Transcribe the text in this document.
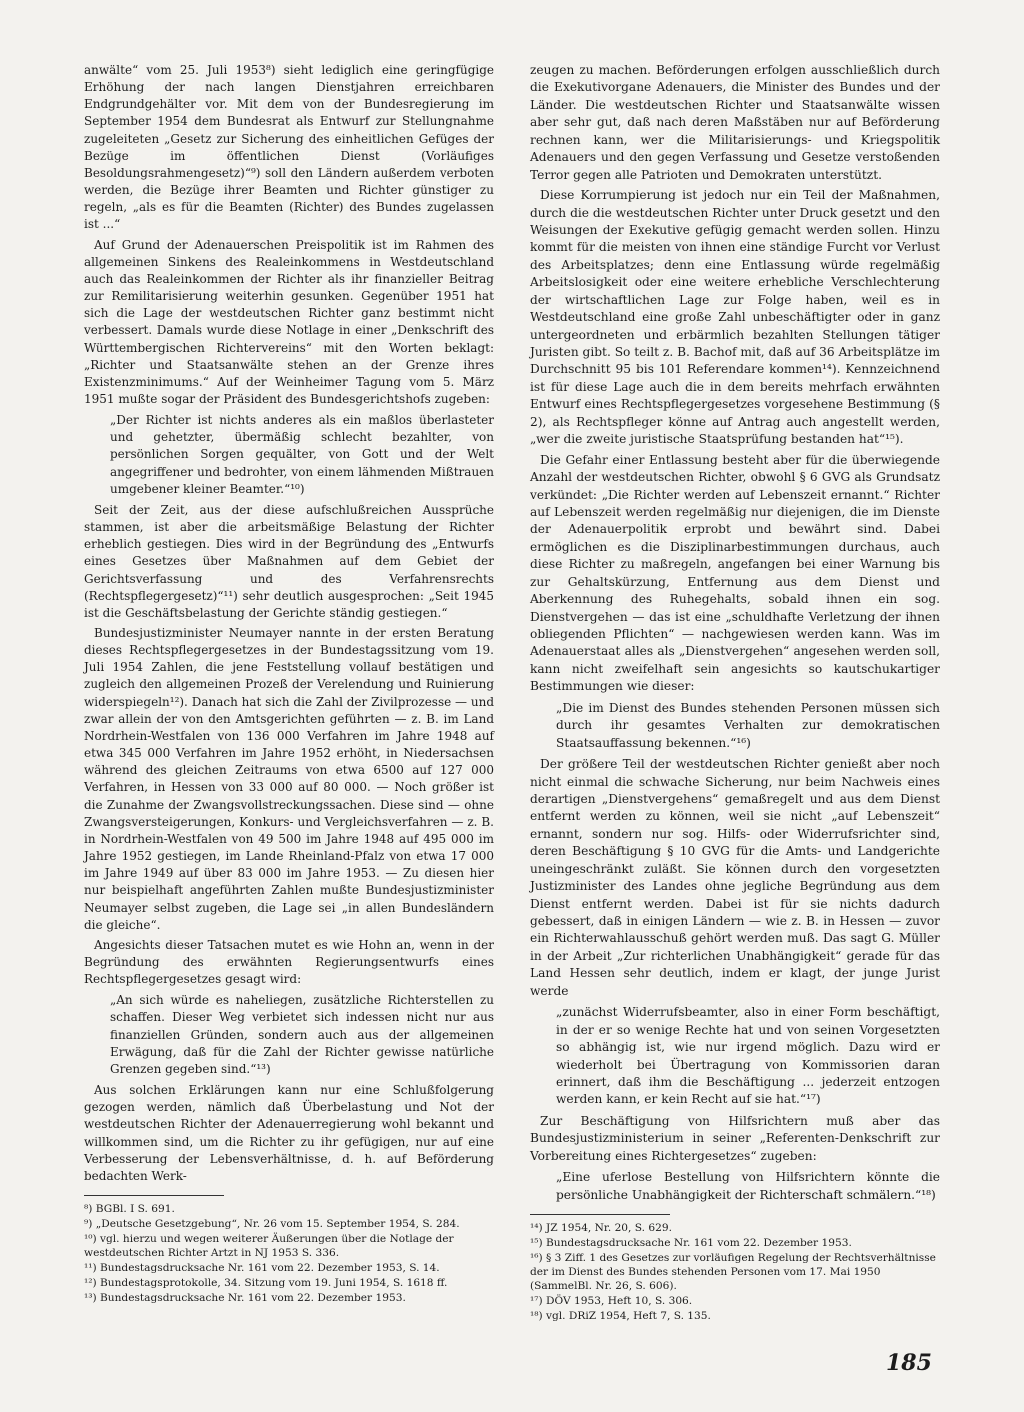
anwälte“ vom 25. Juli 1953⁸) sieht lediglich eine geringfügige Erhöhung der nach langen Dienstjahren erreichbaren Endgrundgehälter vor. Mit dem von der Bundesregierung im September 1954 dem Bundesrat als Entwurf zur Stellungnahme zugeleiteten „Gesetz zur Sicherung des einheitlichen Gefüges der Bezüge im öffentlichen Dienst (Vorläufiges Besoldungsrahmengesetz)“⁹) soll den Ländern außerdem verboten werden, die Bezüge ihrer Beamten und Richter günstiger zu regeln, „als es für die Beamten (Richter) des Bundes zugelassen ist ...“

Auf Grund der Adenauerschen Preispolitik ist im Rahmen des allgemeinen Sinkens des Realeinkommens in Westdeutschland auch das Realeinkommen der Richter als ihr finanzieller Beitrag zur Remilitarisierung weiterhin gesunken. Gegenüber 1951 hat sich die Lage der westdeutschen Richter ganz bestimmt nicht verbessert. Damals wurde diese Notlage in einer „Denkschrift des Württembergischen Richtervereins“ mit den Worten beklagt: „Richter und Staatsanwälte stehen an der Grenze ihres Existenzminimums.“ Auf der Weinheimer Tagung vom 5. März 1951 mußte sogar der Präsident des Bundesgerichtshofs zugeben:

„Der Richter ist nichts anderes als ein maßlos überlasteter und gehetzter, übermäßig schlecht bezahlter, von persönlichen Sorgen gequälter, von Gott und der Welt angegriffener und bedrohter, von einem lähmenden Mißtrauen umgebener kleiner Beamter.“¹⁰)

Seit der Zeit, aus der diese aufschlußreichen Aussprüche stammen, ist aber die arbeitsmäßige Belastung der Richter erheblich gestiegen. Dies wird in der Begründung des „Entwurfs eines Gesetzes über Maßnahmen auf dem Gebiet der Gerichtsverfassung und des Verfahrensrechts (Rechtspflegergesetz)“¹¹) sehr deutlich ausgesprochen: „Seit 1945 ist die Geschäftsbelastung der Gerichte ständig gestiegen.“

Bundesjustizminister Neumayer nannte in der ersten Beratung dieses Rechtspflegergesetzes in der Bundestagssitzung vom 19. Juli 1954 Zahlen, die jene Feststellung vollauf bestätigen und zugleich den allgemeinen Prozeß der Verelendung und Ruinierung widerspiegeln¹²). Danach hat sich die Zahl der Zivilprozesse — und zwar allein der von den Amtsgerichten geführten — z. B. im Land Nordrhein-Westfalen von 136 000 Verfahren im Jahre 1948 auf etwa 345 000 Verfahren im Jahre 1952 erhöht, in Niedersachsen während des gleichen Zeitraums von etwa 6500 auf 127 000 Verfahren, in Hessen von 33 000 auf 80 000. — Noch größer ist die Zunahme der Zwangsvollstreckungssachen. Diese sind — ohne Zwangsversteigerungen, Konkurs- und Vergleichsverfahren — z. B. in Nordrhein-Westfalen von 49 500 im Jahre 1948 auf 495 000 im Jahre 1952 gestiegen, im Lande Rheinland-Pfalz von etwa 17 000 im Jahre 1949 auf über 83 000 im Jahre 1953. — Zu diesen hier nur beispielhaft angeführten Zahlen mußte Bundesjustizminister Neumayer selbst zugeben, die Lage sei „in allen Bundesländern die gleiche“.

Angesichts dieser Tatsachen mutet es wie Hohn an, wenn in der Begründung des erwähnten Regierungsentwurfs eines Rechtspflegergesetzes gesagt wird:

„An sich würde es naheliegen, zusätzliche Richterstellen zu schaffen. Dieser Weg verbietet sich indessen nicht nur aus finanziellen Gründen, sondern auch aus der allgemeinen Erwägung, daß für die Zahl der Richter gewisse natürliche Grenzen gegeben sind.“¹³)

Aus solchen Erklärungen kann nur eine Schlußfolgerung gezogen werden, nämlich daß Überbelastung und Not der westdeutschen Richter der Adenauerregierung wohl bekannt und willkommen sind, um die Richter zu ihr gefügigen, nur auf eine Verbesserung der Lebensverhältnisse, d. h. auf Beförderung bedachten Werk-

⁸) BGBl. I S. 691.

⁹) „Deutsche Gesetzgebung“, Nr. 26 vom 15. September 1954, S. 284.

¹⁰) vgl. hierzu und wegen weiterer Äußerungen über die Notlage der westdeutschen Richter Artzt in NJ 1953 S. 336.

¹¹) Bundestagsdrucksache Nr. 161 vom 22. Dezember 1953, S. 14.

¹²) Bundestagsprotokolle, 34. Sitzung vom 19. Juni 1954, S. 1618 ff.

¹³) Bundestagsdrucksache Nr. 161 vom 22. Dezember 1953.

zeugen zu machen. Beförderungen erfolgen ausschließlich durch die Exekutivorgane Adenauers, die Minister des Bundes und der Länder. Die westdeutschen Richter und Staatsanwälte wissen aber sehr gut, daß nach deren Maßstäben nur auf Beförderung rechnen kann, wer die Militarisierungs- und Kriegspolitik Adenauers und den gegen Verfassung und Gesetze verstoßenden Terror gegen alle Patrioten und Demokraten unterstützt.

Diese Korrumpierung ist jedoch nur ein Teil der Maßnahmen, durch die die westdeutschen Richter unter Druck gesetzt und den Weisungen der Exekutive gefügig gemacht werden sollen. Hinzu kommt für die meisten von ihnen eine ständige Furcht vor Verlust des Arbeitsplatzes; denn eine Entlassung würde regelmäßig Arbeitslosigkeit oder eine weitere erhebliche Verschlechterung der wirtschaftlichen Lage zur Folge haben, weil es in Westdeutschland eine große Zahl unbeschäftigter oder in ganz untergeordneten und erbärmlich bezahlten Stellungen tätiger Juristen gibt. So teilt z. B. Bachof mit, daß auf 36 Arbeitsplätze im Durchschnitt 95 bis 101 Referendare kommen¹⁴). Kennzeichnend ist für diese Lage auch die in dem bereits mehrfach erwähnten Entwurf eines Rechtspflegergesetzes vorgesehene Bestimmung (§ 2), als Rechtspfleger könne auf Antrag auch angestellt werden, „wer die zweite juristische Staatsprüfung bestanden hat“¹⁵).

Die Gefahr einer Entlassung besteht aber für die überwiegende Anzahl der westdeutschen Richter, obwohl § 6 GVG als Grundsatz verkündet: „Die Richter werden auf Lebenszeit ernannt.“ Richter auf Lebenszeit werden regelmäßig nur diejenigen, die im Dienste der Adenauerpolitik erprobt und bewährt sind. Dabei ermöglichen es die Disziplinarbestimmungen durchaus, auch diese Richter zu maßregeln, angefangen bei einer Warnung bis zur Gehaltskürzung, Entfernung aus dem Dienst und Aberkennung des Ruhegehalts, sobald ihnen ein sog. Dienstvergehen — das ist eine „schuldhafte Verletzung der ihnen obliegenden Pflichten“ — nachgewiesen werden kann. Was im Adenauerstaat alles als „Dienstvergehen“ angesehen werden soll, kann nicht zweifelhaft sein angesichts so kautschukartiger Bestimmungen wie dieser:

„Die im Dienst des Bundes stehenden Personen müssen sich durch ihr gesamtes Verhalten zur demokratischen Staatsauffassung bekennen.“¹⁶)

Der größere Teil der westdeutschen Richter genießt aber noch nicht einmal die schwache Sicherung, nur beim Nachweis eines derartigen „Dienstvergehens“ gemaßregelt und aus dem Dienst entfernt werden zu können, weil sie nicht „auf Lebenszeit“ ernannt, sondern nur sog. Hilfs- oder Widerrufsrichter sind, deren Beschäftigung § 10 GVG für die Amts- und Landgerichte uneingeschränkt zuläßt. Sie können durch den vorgesetzten Justizminister des Landes ohne jegliche Begründung aus dem Dienst entfernt werden. Dabei ist für sie nichts dadurch gebessert, daß in einigen Ländern — wie z. B. in Hessen — zuvor ein Richterwahlausschuß gehört werden muß. Das sagt G. Müller in der Arbeit „Zur richterlichen Unabhängigkeit“ gerade für das Land Hessen sehr deutlich, indem er klagt, der junge Jurist werde

„zunächst Widerrufsbeamter, also in einer Form beschäftigt, in der er so wenige Rechte hat und von seinen Vorgesetzten so abhängig ist, wie nur irgend möglich. Dazu wird er wiederholt bei Übertragung von Kommissorien daran erinnert, daß ihm die Beschäftigung ... jederzeit entzogen werden kann, er kein Recht auf sie hat.“¹⁷)

Zur Beschäftigung von Hilfsrichtern muß aber das Bundesjustizministerium in seiner „Referenten-Denkschrift zur Vorbereitung eines Richtergesetzes“ zugeben:

„Eine uferlose Bestellung von Hilfsrichtern könnte die persönliche Unabhängigkeit der Richterschaft schmälern.“¹⁸)

¹⁴) JZ 1954, Nr. 20, S. 629.

¹⁵) Bundestagsdrucksache Nr. 161 vom 22. Dezember 1953.

¹⁶) § 3 Ziff. 1 des Gesetzes zur vorläufigen Regelung der Rechtsverhältnisse der im Dienst des Bundes stehenden Personen vom 17. Mai 1950 (SammelBl. Nr. 26, S. 606).

¹⁷) DÖV 1953, Heft 10, S. 306.

¹⁸) vgl. DRiZ 1954, Heft 7, S. 135.

185
